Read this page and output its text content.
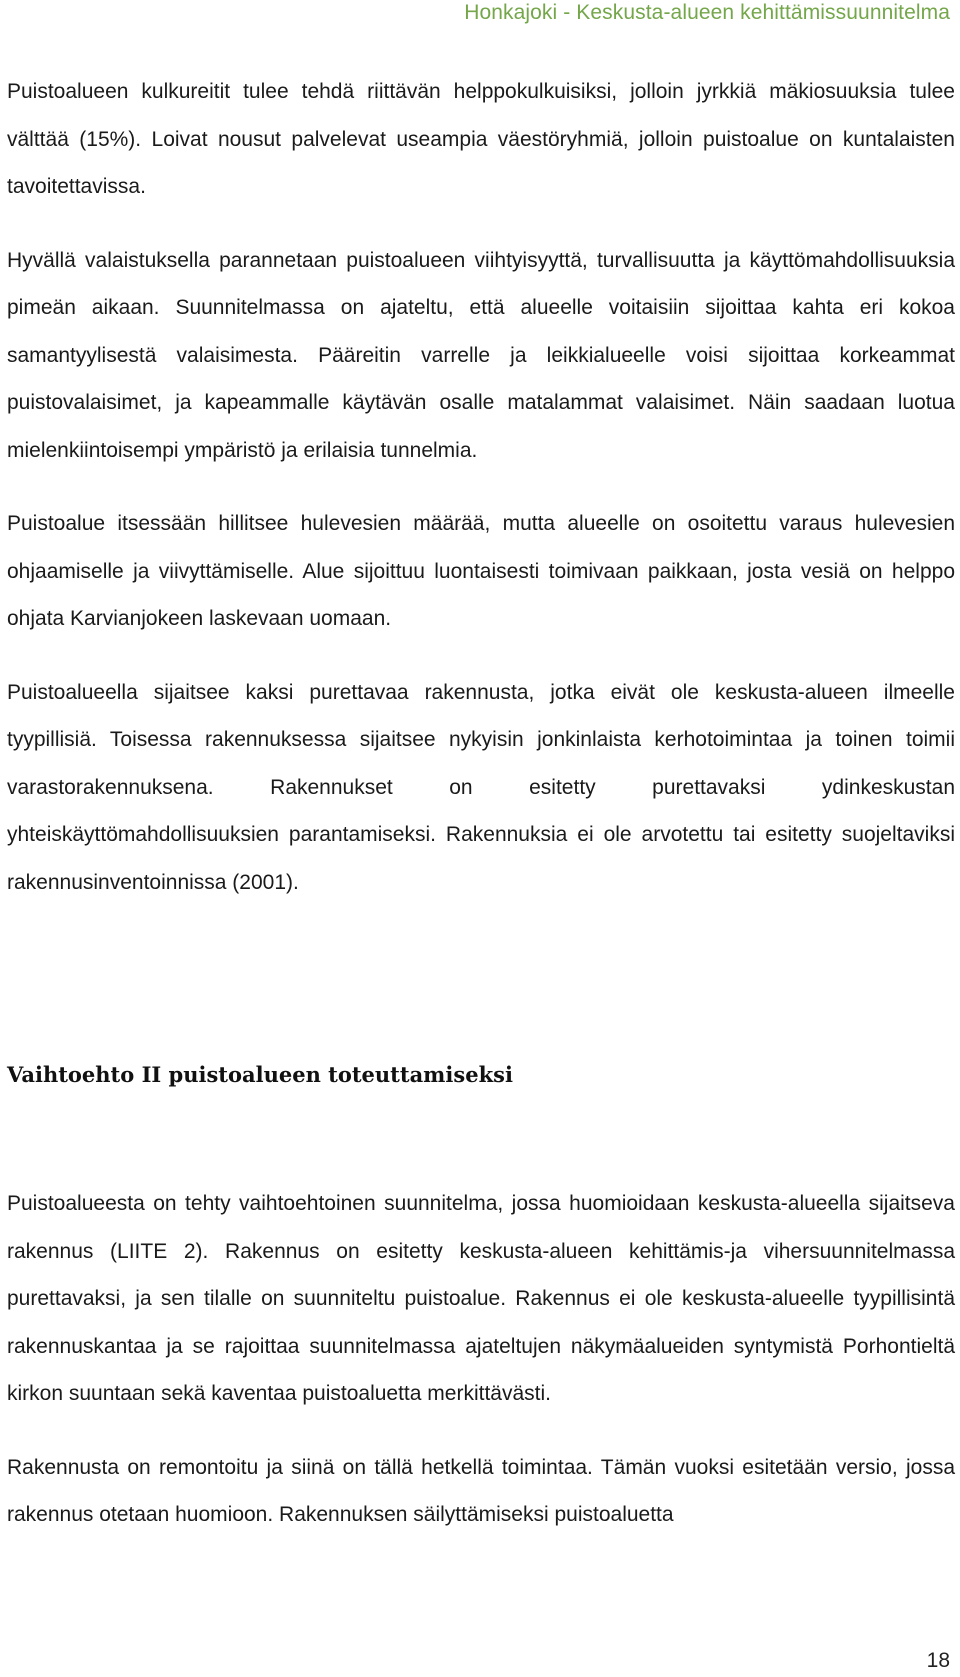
Honkajoki - Keskusta-alueen kehittämissuunnitelma

Puistoalueen kulkureitit tulee tehdä riittävän helppokulkuisiksi, jolloin jyrkkiä mäkiosuuksia tulee välttää (15%). Loivat nousut palvelevat useampia väestöryhmiä, jolloin puistoalue on kuntalaisten tavoitettavissa.

Hyvällä valaistuksella parannetaan puistoalueen viihtyisyyttä, turvallisuutta ja käyttömahdollisuuksia pimeän aikaan. Suunnitelmassa on ajateltu, että alueelle voitaisiin sijoittaa kahta eri kokoa samantyylisestä valaisimesta. Pääreitin varrelle ja leikkialueelle voisi sijoittaa korkeammat puistovalaisimet, ja kapeammalle käytävän osalle matalammat valaisimet. Näin saadaan luotua mielenkiintoisempi ympäristö ja erilaisia tunnelmia.

Puistoalue itsessään hillitsee hulevesien määrää, mutta alueelle on osoitettu varaus hulevesien ohjaamiselle ja viivyttämiselle. Alue sijoittuu luontaisesti toimivaan paikkaan, josta vesiä on helppo ohjata Karvianjokeen laskevaan uomaan.

Puistoalueella sijaitsee kaksi purettavaa rakennusta, jotka eivät ole keskusta-alueen ilmeelle tyypillisiä. Toisessa rakennuksessa sijaitsee nykyisin jonkinlaista kerhotoimintaa ja toinen toimii varastorakennuksena. Rakennukset on esitetty purettavaksi ydinkeskustan yhteiskäyttömahdollisuuksien parantamiseksi. Rakennuksia ei ole arvotettu tai esitetty suojeltaviksi rakennusinventoinnissa (2001).

Vaihtoehto II puistoalueen toteuttamiseksi

Puistoalueesta on tehty vaihtoehtoinen suunnitelma, jossa huomioidaan keskusta-alueella sijaitseva rakennus (LIITE 2). Rakennus on esitetty keskusta-alueen kehittämis-ja vihersuunnitelmassa purettavaksi, ja sen tilalle on suunniteltu puistoalue. Rakennus ei ole keskusta-alueelle tyypillisintä rakennuskantaa ja se rajoittaa suunnitelmassa ajateltujen näkymäalueiden syntymistä Porhontieltä kirkon suuntaan sekä kaventaa puistoaluetta merkittävästi.

Rakennusta on remontoitu ja siinä on tällä hetkellä toimintaa. Tämän vuoksi esitetään versio, jossa rakennus otetaan huomioon. Rakennuksen säilyttämiseksi puistoaluetta

18
